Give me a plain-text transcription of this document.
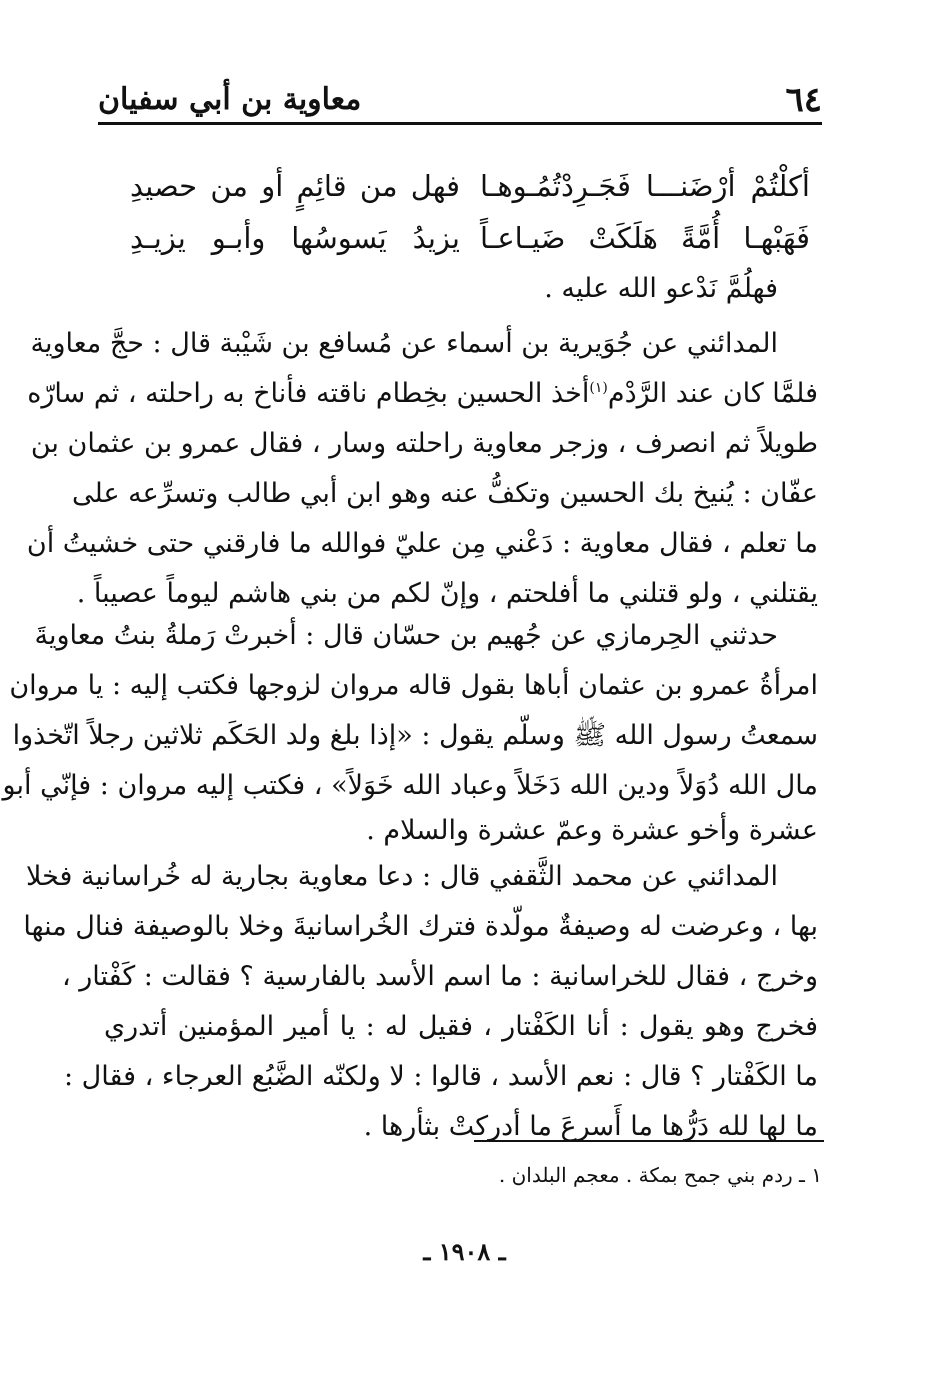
٦٤
معاوية بن أبي سفيان
أكلْتُمْ أرْضَنـــا فَجَـرِدْتُمُـوهـا
فهل من قائِمٍ أو من حصيدِ
فَهَبْهـا أُمَّةً هَلَكَتْ ضَيـاعـاً
يزيدُ يَسوسُها وأبـو يزيـدِ
فهلُمَّ نَدْعو الله عليه .
المدائني عن جُوَيرية بن أسماء عن مُسافع بن شَيْبة قال : حجَّ معاوية
فلمَّا كان عند الرَّدْم$^{(١)}$أخذ الحسين بخِطام ناقته فأناخ به راحلته ، ثم سارّه
طويلاً ثم انصرف ، وزجر معاوية راحلته وسار ، فقال عمرو بن عثمان بن
عفّان : يُنيخ بك الحسين وتكفُّ عنه وهو ابن أبي طالب وتسرِّعه على
ما تعلم ، فقال معاوية : دَعْني مِن عليّ فوالله ما فارقني حتى خشيتُ أن
يقتلني ، ولو قتلني ما أفلحتم ، وإنّ لكم من بني هاشم ليوماً عصيباً .
حدثني الحِرمازي عن جُهيم بن حسّان قال : أخبرتْ رَملةُ بنتُ معاويةَ
امرأةُ عمرو بن عثمان أباها بقول قاله مروان لزوجها فكتب إليه : يا مروان
سمعتُ رسول الله ﷺ وسلّم يقول : «إذا بلغ ولد الحَكَم ثلاثين رجلاً اتّخذوا
مال الله دُوَلاً ودين الله دَخَلاً وعباد الله خَوَلاً» ، فكتب إليه مروان : فإنّي أبو
عشرة وأخو عشرة وعمّ عشرة والسلام .
المدائني عن محمد الثَّقفي قال : دعا معاوية بجارية له خُراسانية فخلا
بها ، وعرضت له وصيفةٌ مولّدة فترك الخُراسانيةَ وخلا بالوصيفة فنال منها
وخرج ، فقال للخراسانية : ما اسم الأسد بالفارسية ؟ فقالت : كَفْتار ،
فخرج وهو يقول : أنا الكَفْتار ، فقيل له : يا أمير المؤمنين أتدري
ما الكَفْتار ؟ قال : نعم الأسد ، قالوا : لا ولكنّه الضَّبُع العرجاء ، فقال :
ما لها لله دَرُّها ما أَسرعَ ما أدركتْ بثأرها .
١ ـ ردم بني جمح بمكة . معجم البلدان .
ـ ١٩٠٨ ـ
